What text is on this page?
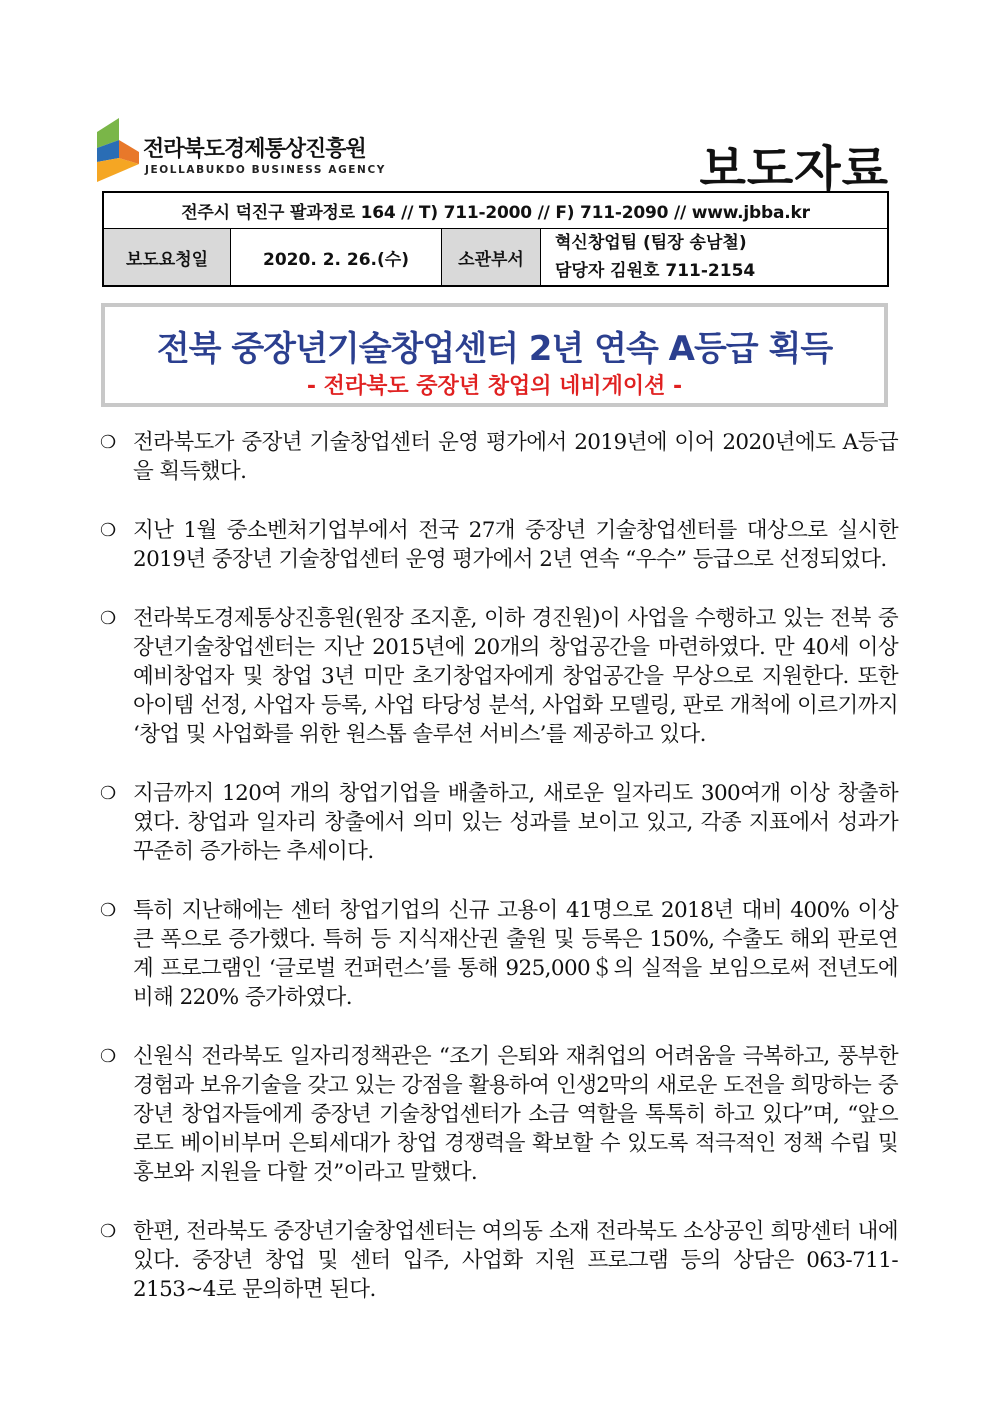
전라북도경제통상진흥원
JEOLLABUKDO BUSINESS AGENCY	보도자료
전주시 덕진구 팔과정로 164 // T) 711-2000 // F) 711-2090 // www.jbba.kr
보도요청일	2020. 2. 26.(수)	소관부서	
혁신창업팀 (팀장 송남철)
담당자 김원호 711-2154
전북 중장년기술창업센터 2년 연속 A등급 획득
- 전라북도 중장년 창업의 네비게이션 -

❍ 전라북도가 중장년 기술창업센터 운영 평가에서 2019년에 이어 2020년에도 A등급을 획득했다.

❍ 지난 1월 중소벤처기업부에서 전국 27개 중장년 기술창업센터를 대상으로 실시한 2019년 중장년 기술창업센터 운영 평가에서 2년 연속 “우수” 등급으로 선정되었다.

❍ 전라북도경제통상진흥원(원장 조지훈, 이하 경진원)이 사업을 수행하고 있는 전북 중장년기술창업센터는 지난 2015년에 20개의 창업공간을 마련하였다. 만 40세 이상 예비창업자 및 창업 3년 미만 초기창업자에게 창업공간을 무상으로 지원한다. 또한 아이템 선정, 사업자 등록, 사업 타당성 분석, 사업화 모델링, 판로 개척에 이르기까지 ‘창업 및 사업화를 위한 원스톱 솔루션 서비스’를 제공하고 있다.

❍ 지금까지 120여 개의 창업기업을 배출하고, 새로운 일자리도 300여개 이상 창출하였다. 창업과 일자리 창출에서 의미 있는 성과를 보이고 있고, 각종 지표에서 성과가 꾸준히 증가하는 추세이다.

❍ 특히 지난해에는 센터 창업기업의 신규 고용이 41명으로 2018년 대비 400% 이상 큰 폭으로 증가했다. 특허 등 지식재산권 출원 및 등록은 150%, 수출도 해외 판로연계 프로그램인 ‘글로벌 컨퍼런스’를 통해 925,000＄의 실적을 보임으로써 전년도에 비해 220% 증가하였다.

❍ 신원식 전라북도 일자리정책관은 “조기 은퇴와 재취업의 어려움을 극복하고, 풍부한 경험과 보유기술을 갖고 있는 강점을 활용하여 인생2막의 새로운 도전을 희망하는 중장년 창업자들에게 중장년 기술창업센터가 소금 역할을 톡톡히 하고 있다”며, “앞으로도 베이비부머 은퇴세대가 창업 경쟁력을 확보할 수 있도록 적극적인 정책 수립 및 홍보와 지원을 다할 것”이라고 말했다.

❍ 한편, 전라북도 중장년기술창업센터는 여의동 소재 전라북도 소상공인 희망센터 내에 있다. 중장년 창업 및 센터 입주, 사업화 지원 프로그램 등의 상담은 063-711-2153~4로 문의하면 된다.
